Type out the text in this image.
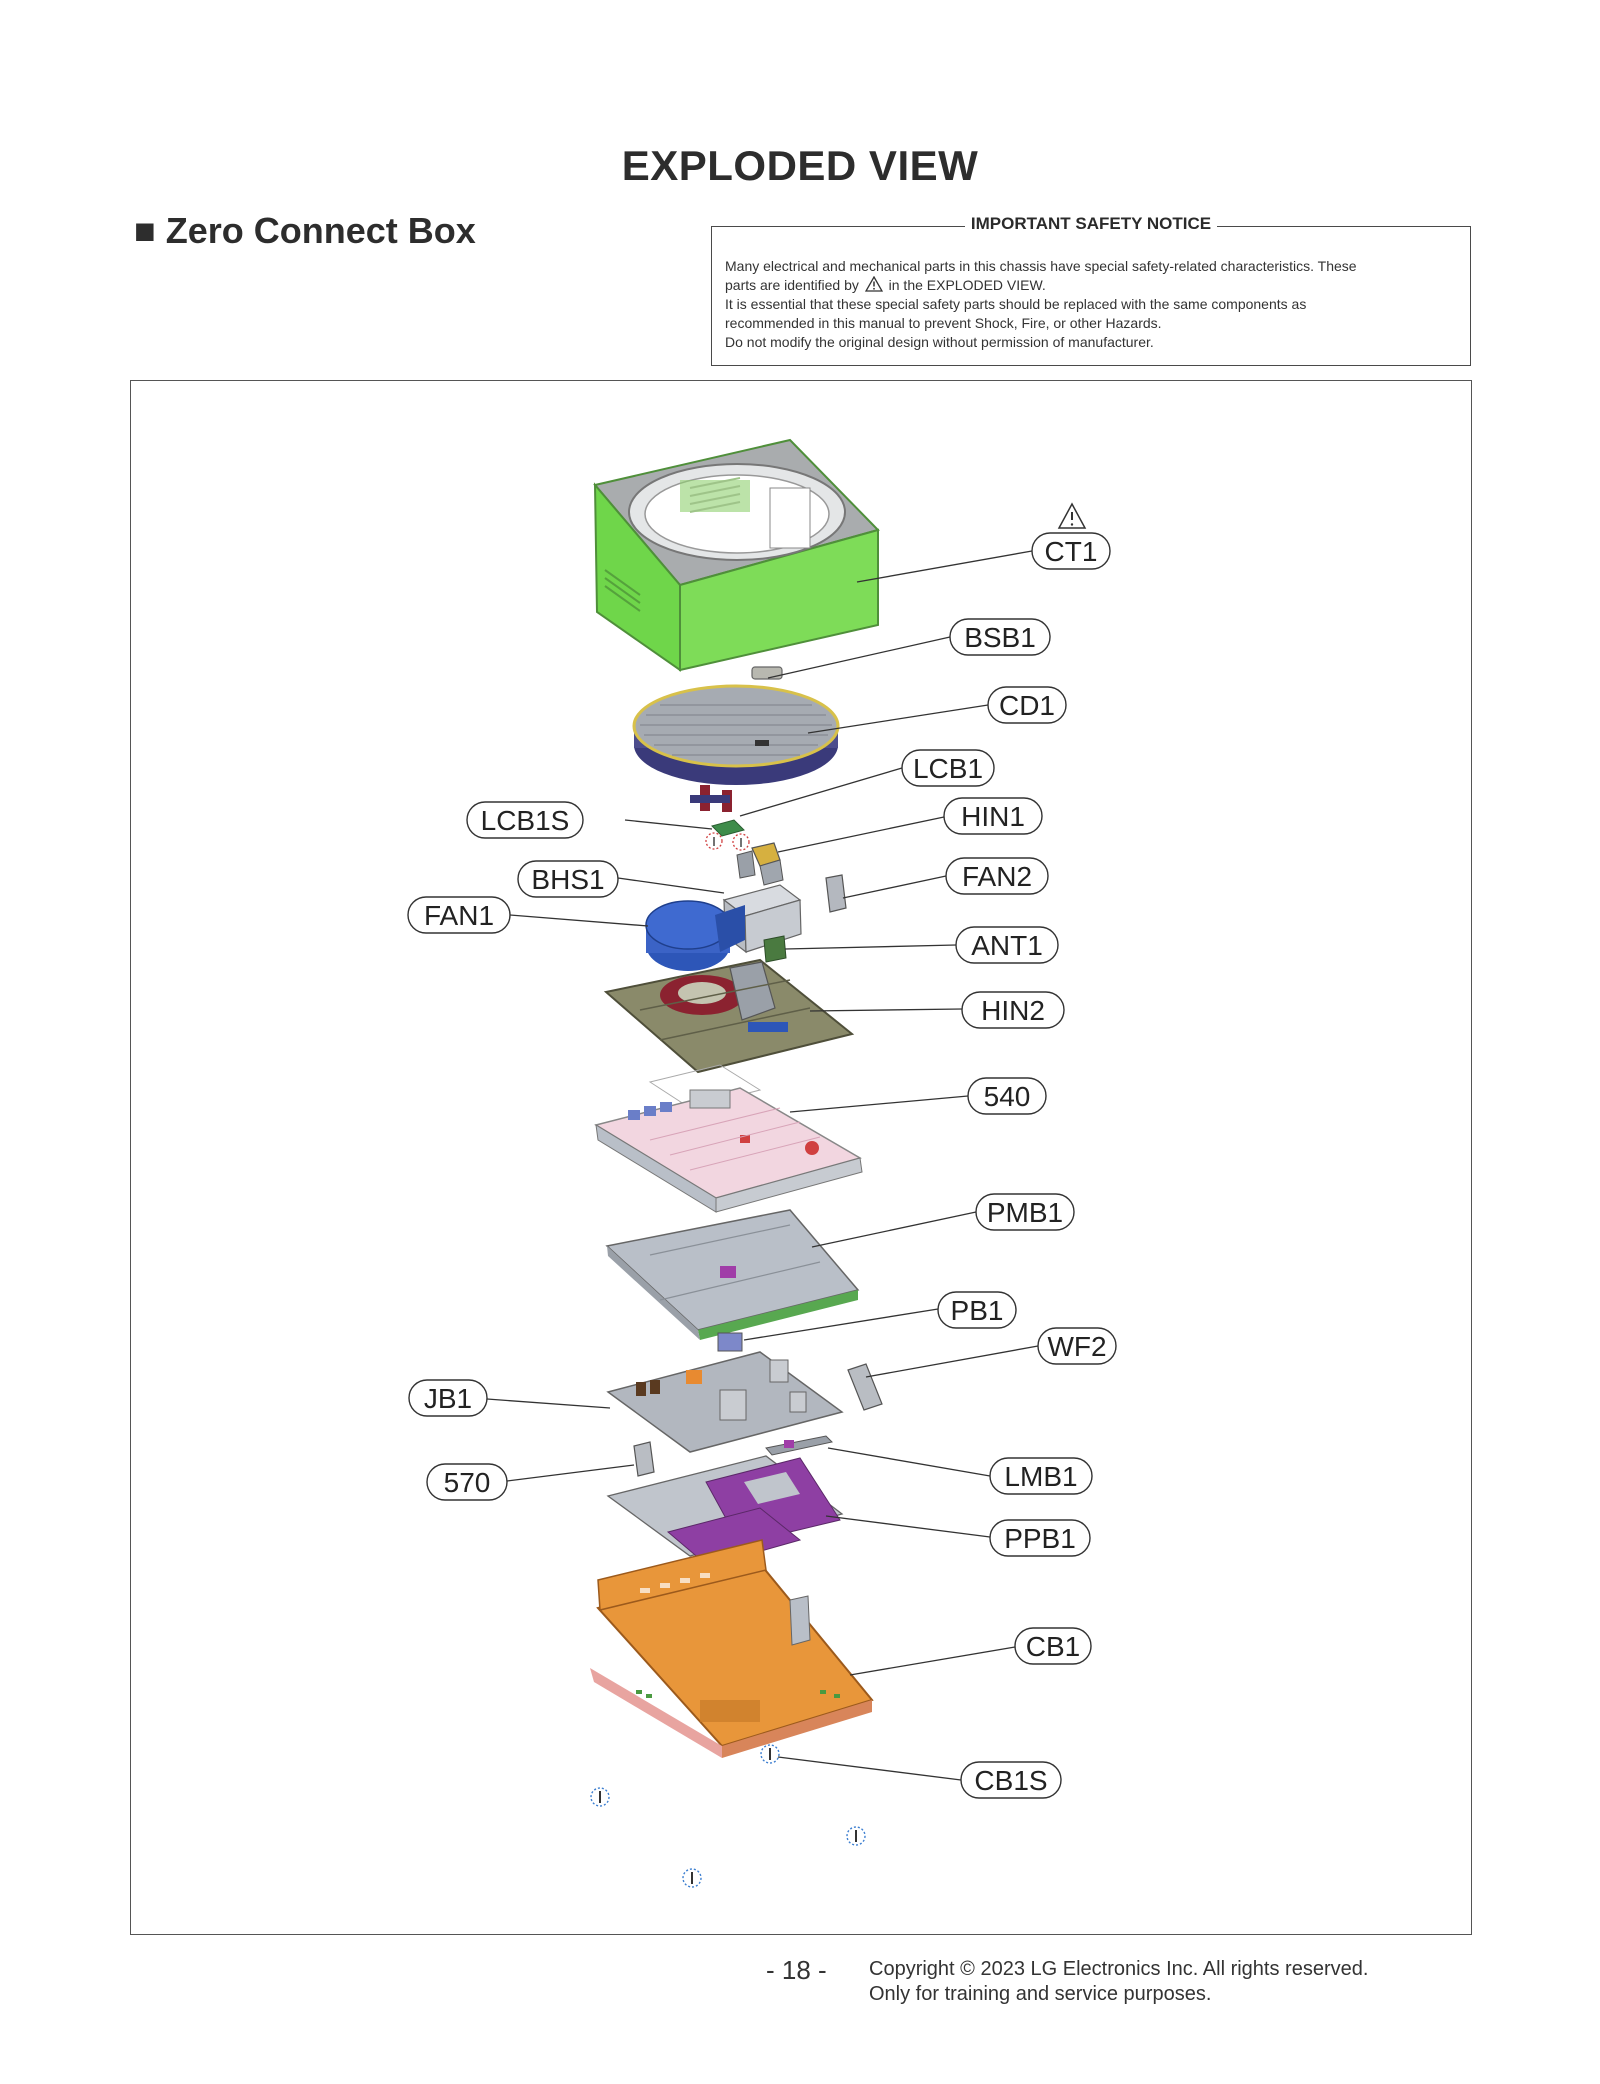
EXPLODED VIEW
■ Zero Connect Box	IMPORTANT SAFETY NOTICE

Many electrical and mechanical parts in this chassis have special safety-related characteristics. These

parts are identified by in the EXPLODED VIEW.

It is essential that these special safety parts should be replaced with the same components as

recommended in this manual to prevent Shock, Fire, or other Hazards.

Do not modify the original design without permission of manufacturer.

CT1
BSB1
CD1
LCB1
LCB1S	HIN1
BHS1	FAN2
FAN1
ANT1
HIN2
540
PMB1
PB1
WF2
JB1
570	LMB1
PPB1
CB1
CB1S
- 18 - Copyright © 2023 LG Electronics Inc. All rights reserved.

Only for training and service purposes.
